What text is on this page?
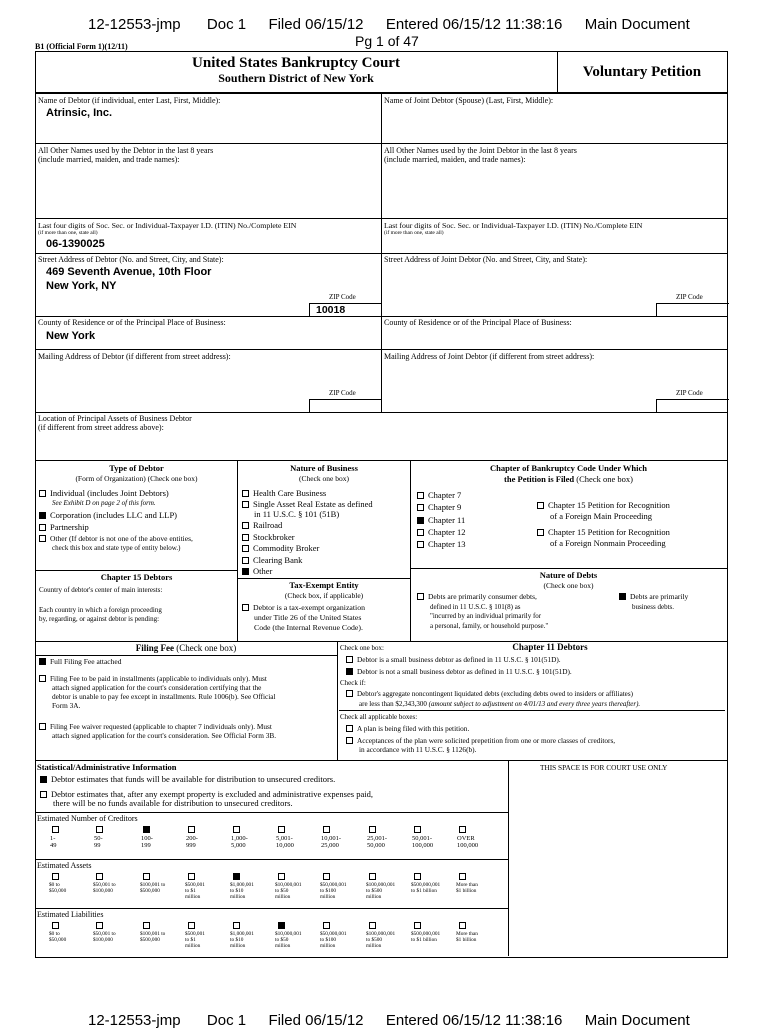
12-12553-jmp Doc 1 Filed 06/15/12 Entered 06/15/12 11:38:16 Main Document
Pg 1 of 47
B1 (Official Form 1)(12/11)
United States Bankruptcy Court
Southern District of New York	Voluntary Petition
Name of Debtor (if individual, enter Last, First, Middle):
Atrinsic, Inc.
Name of Joint Debtor (Spouse) (Last, First, Middle):
All Other Names used by the Debtor in the last 8 years
(include married, maiden, and trade names):
All Other Names used by the Joint Debtor in the last 8 years
(include married, maiden, and trade names):
Last four digits of Soc. Sec. or Individual-Taxpayer I.D. (ITIN) No./Complete EIN
(if more than one, state all)
06-1390025
Last four digits of Soc. Sec. or Individual-Taxpayer I.D. (ITIN) No./Complete EIN
(if more than one, state all)
Street Address of Debtor (No. and Street, City, and State):
469 Seventh Avenue, 10th Floor
New York, NY
ZIP Code
10018
Street Address of Joint Debtor (No. and Street, City, and State):
ZIP Code
County of Residence or of the Principal Place of Business:
New York
County of Residence or of the Principal Place of Business:
Mailing Address of Debtor (if different from street address):
ZIP Code
Mailing Address of Joint Debtor (if different from street address):
ZIP Code
Location of Principal Assets of Business Debtor
(if different from street address above):
Type of Debtor
(Form of Organization) (Check one box)
Individual (includes Joint Debtors)
See Exhibit D on page 2 of this form.
Corporation (includes LLC and LLP)
Partnership
Other (If debtor is not one of the above entities,
check this box and state type of entity below.)
Chapter 15 Debtors
Country of debtor's center of main interests:
Each country in which a foreign proceeding
by, regarding, or against debtor is pending:
Nature of Business
(Check one box)
Health Care Business
Single Asset Real Estate as defined
in 11 U.S.C. § 101 (51B)
Railroad
Stockbroker
Commodity Broker
Clearing Bank
Other
Tax-Exempt Entity
(Check box, if applicable)
Debtor is a tax-exempt organization
under Title 26 of the United States
Code (the Internal Revenue Code).
Chapter of Bankruptcy Code Under Which
the Petition is Filed (Check one box)
Chapter 7
Chapter 9
Chapter 11
Chapter 12
Chapter 13
Chapter 15 Petition for Recognition
of a Foreign Main Proceeding
Chapter 15 Petition for Recognition
of a Foreign Nonmain Proceeding
Nature of Debts
(Check one box)
Debts are primarily consumer debts,
defined in 11 U.S.C. § 101(8) as
"incurred by an individual primarily for
a personal, family, or household purpose."
Debts are primarily
business debts.
Filing Fee (Check one box)
Full Filing Fee attached
Filing Fee to be paid in installments (applicable to individuals only). Must
attach signed application for the court's consideration certifying that the
debtor is unable to pay fee except in installments. Rule 1006(b). See Official
Form 3A.
Filing Fee waiver requested (applicable to chapter 7 individuals only). Must
attach signed application for the court's consideration. See Official Form 3B.
Check one box:	Chapter 11 Debtors
Debtor is a small business debtor as defined in 11 U.S.C. § 101(51D).
Debtor is not a small business debtor as defined in 11 U.S.C. § 101(51D).
Check if:
Debtor's aggregate noncontingent liquidated debts (excluding debts owed to insiders or affiliates)
are less than $2,343,300 (amount subject to adjustment on 4/01/13 and every three years thereafter).
Check all applicable boxes:
A plan is being filed with this petition.
Acceptances of the plan were solicited prepetition from one or more classes of creditors,
in accordance with 11 U.S.C. § 1126(b).
Statistical/Administrative Information	THIS SPACE IS FOR COURT USE ONLY
Debtor estimates that funds will be available for distribution to unsecured creditors.
Debtor estimates that, after any exempt property is excluded and administrative expenses paid,
there will be no funds available for distribution to unsecured creditors.
Estimated Number of Creditors
1-
49
50-
99
100-
199
200-
999
1,000-
5,000
5,001-
10,000
10,001-
25,000
25,001-
50,000
50,001-
100,000
OVER
100,000
Estimated Assets
$0 to
$50,000
$50,001 to
$100,000
$100,001 to
$500,000
$500,001
to $1
million
$1,000,001
to $10
million
$10,000,001
to $50
million
$50,000,001
to $100
million
$100,000,001
to $500
million
$500,000,001
to $1 billion
More than
$1 billion
Estimated Liabilities
$0 to
$50,000
$50,001 to
$100,000
$100,001 to
$500,000
$500,001
to $1
million
$1,000,001
to $10
million
$10,000,001
to $50
million
$50,000,001
to $100
million
$100,000,001
to $500
million
$500,000,001
to $1 billion
More than
$1 billion
12-12553-jmp Doc 1 Filed 06/15/12 Entered 06/15/12 11:38:16 Main Document
